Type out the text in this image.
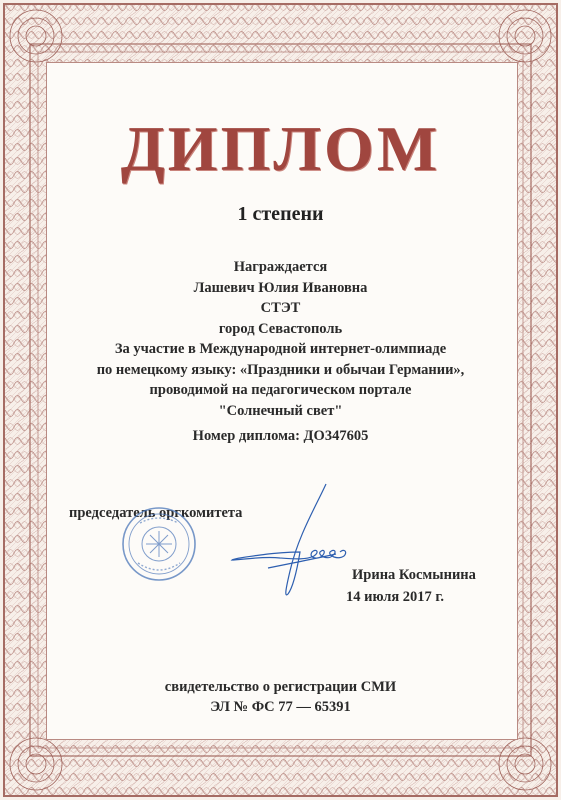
ДИПЛОМ
1 степени
Награждается
Лашевич Юлия Ивановна
СТЭТ
город Севастополь
За участие в Международной интернет-олимпиаде
по немецкому языку: «Праздники и обычаи Германии»,
проводимой на педагогическом портале
"Солнечный свет"
Номер диплома: ДО347605
председатель оргкомитета
Ирина Космынина
14 июля 2017 г.
свидетельство о регистрации СМИ
ЭЛ № ФС 77 — 65391
